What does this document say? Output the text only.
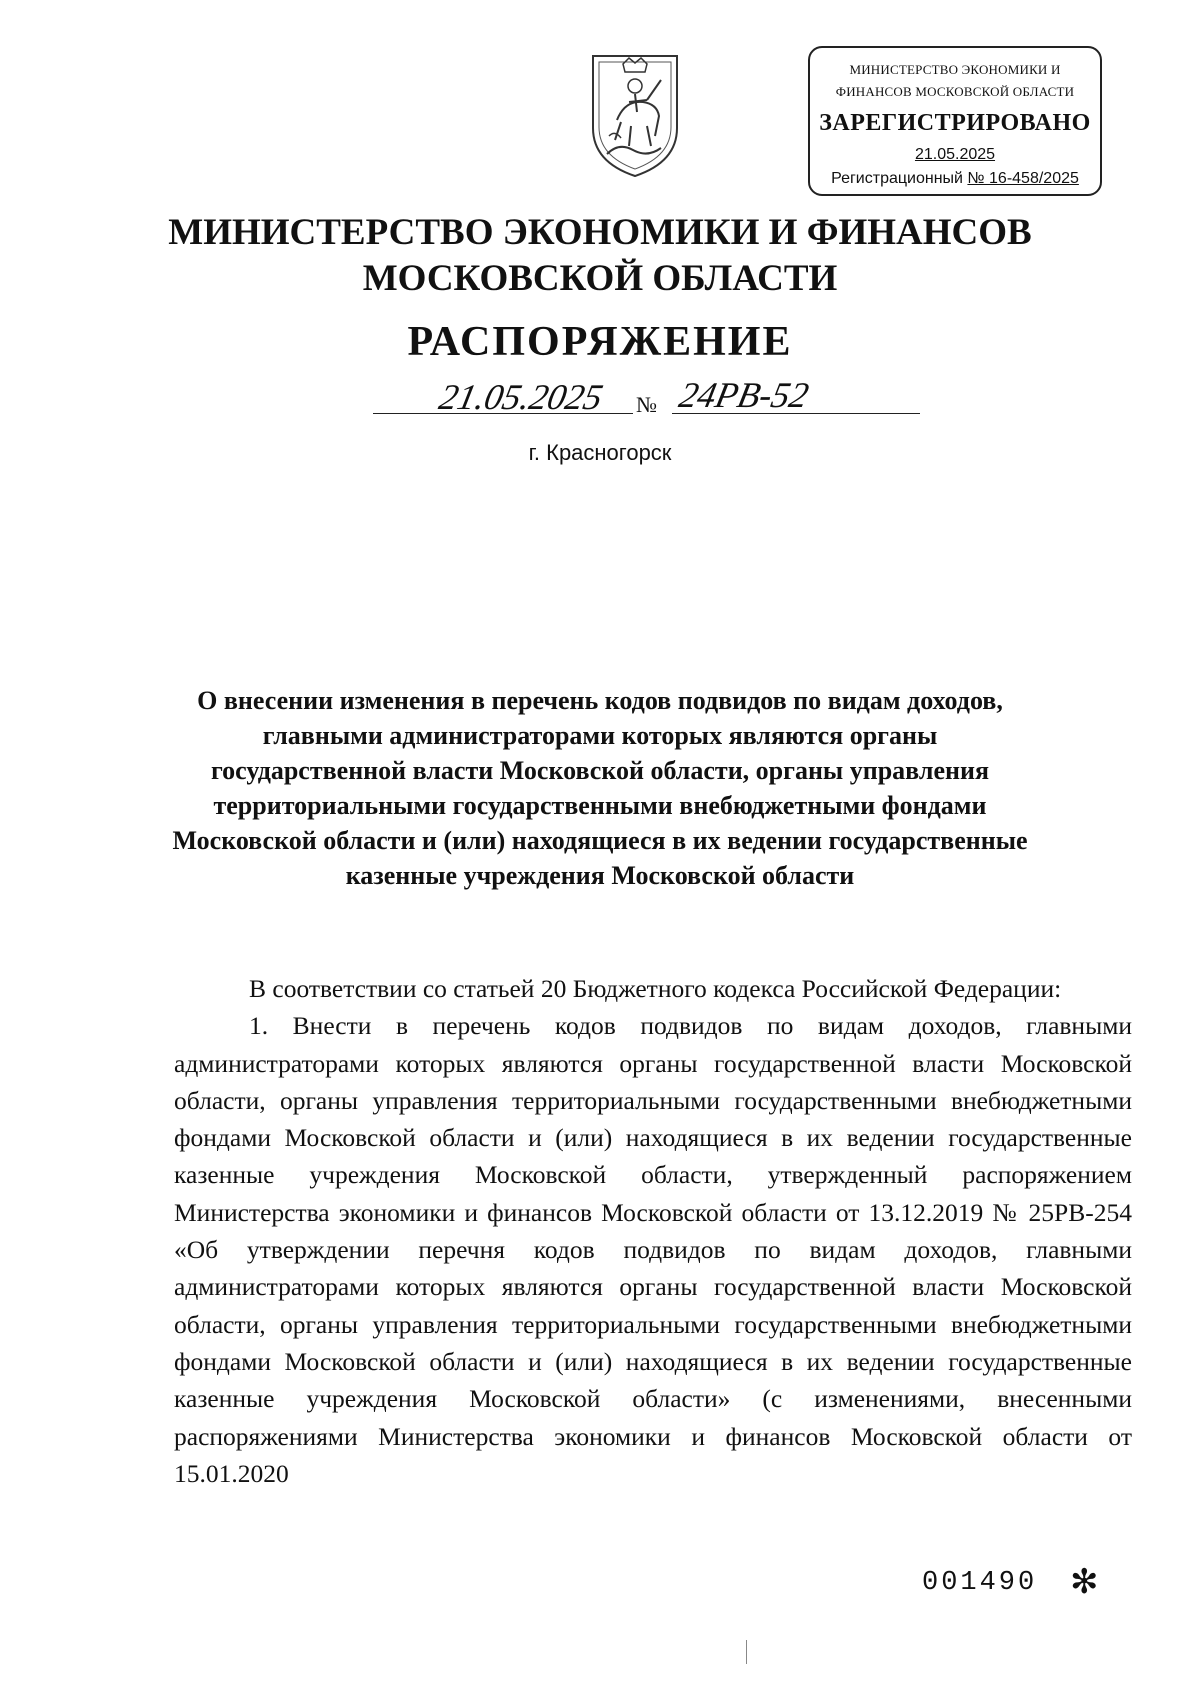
МИНИСТЕРСТВО ЭКОНОМИКИ И
ФИНАНСОВ МОСКОВСКОЙ ОБЛАСТИ
ЗАРЕГИСТРИРОВАНО
21.05.2025
Регистрационный № 16-458/2025
МИНИСТЕРСТВО ЭКОНОМИКИ И ФИНАНСОВ
МОСКОВСКОЙ ОБЛАСТИ
РАСПОРЯЖЕНИЕ
21.05.2025 № 24РВ-52
г. Красногорск
О внесении изменения в перечень кодов подвидов по видам доходов,
главными администраторами которых являются органы
государственной власти Московской области, органы управления
территориальными государственными внебюджетными фондами
Московской области и (или) находящиеся в их ведении государственные
казенные учреждения Московской области

В соответствии со статьей 20 Бюджетного кодекса Российской Федерации:

1. Внести в перечень кодов подвидов по видам доходов, главными администраторами которых являются органы государственной власти Московской области, органы управления территориальными государственными внебюджетными фондами Московской области и (или) находящиеся в их ведении государственные казенные учреждения Московской области, утвержденный распоряжением Министерства экономики и финансов Московской области от 13.12.2019 № 25РВ-254 «Об утверждении перечня кодов подвидов по видам доходов, главными администраторами которых являются органы государственной власти Московской области, органы управления территориальными государственными внебюджетными фондами Московской области и (или) находящиеся в их ведении государственные казенные учреждения Московской области» (с изменениями, внесенными распоряжениями Министерства экономики и финансов Московской области от 15.01.2020

001490 ✻
